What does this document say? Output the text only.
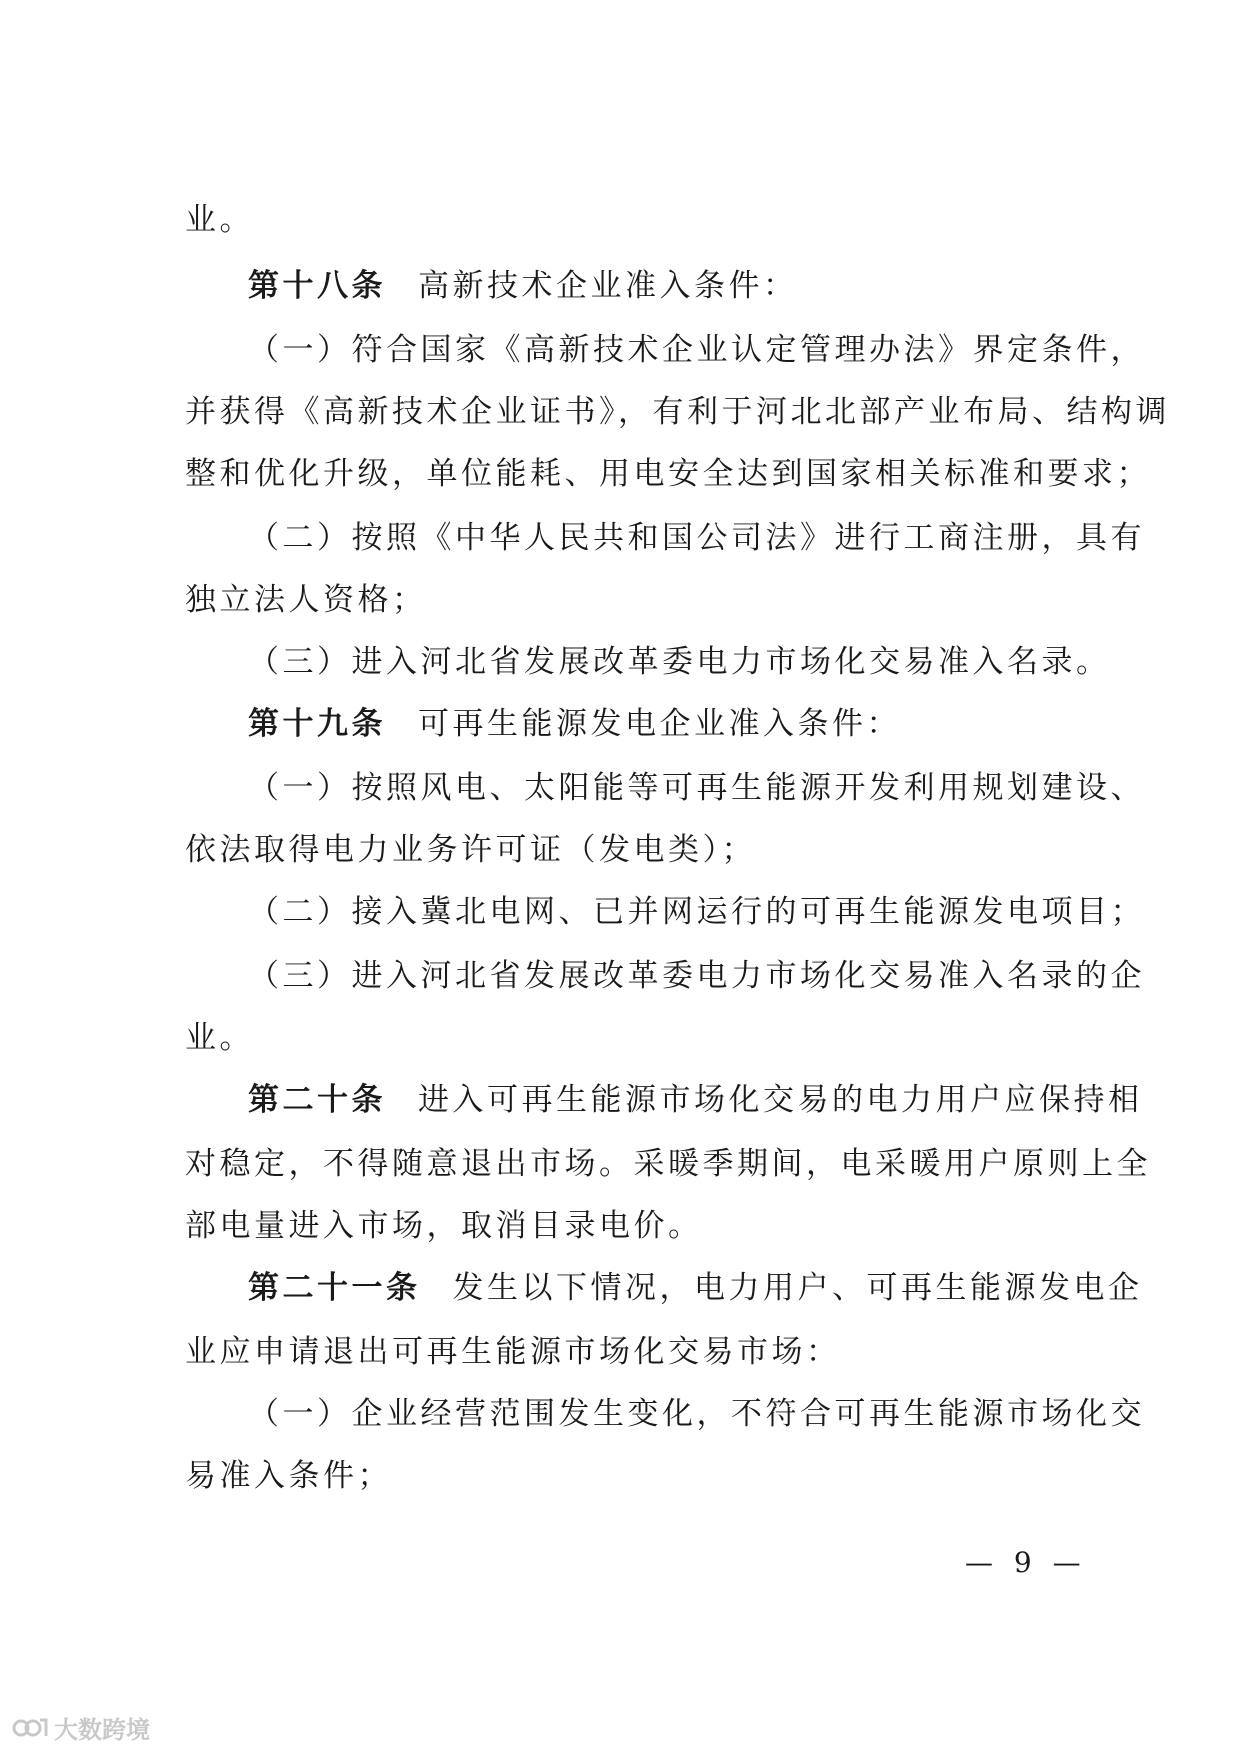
业。
第十八条 高新技术企业准入条件：
（一）符合国家《高新技术企业认定管理办法》界定条件，
并获得《高新技术企业证书》，有利于河北北部产业布局、结构调
整和优化升级，单位能耗、用电安全达到国家相关标准和要求；
（二）按照《中华人民共和国公司法》进行工商注册，具有
独立法人资格；
（三）进入河北省发展改革委电力市场化交易准入名录。
第十九条 可再生能源发电企业准入条件：
（一）按照风电、太阳能等可再生能源开发利用规划建设、
依法取得电力业务许可证（发电类）；
（二）接入冀北电网、已并网运行的可再生能源发电项目；
（三）进入河北省发展改革委电力市场化交易准入名录的企
业。
第二十条 进入可再生能源市场化交易的电力用户应保持相
对稳定，不得随意退出市场。采暖季期间，电采暖用户原则上全
部电量进入市场，取消目录电价。
第二十一条 发生以下情况，电力用户、可再生能源发电企
业应申请退出可再生能源市场化交易市场：
（一）企业经营范围发生变化，不符合可再生能源市场化交
易准入条件；
— 9 —
大数跨境
